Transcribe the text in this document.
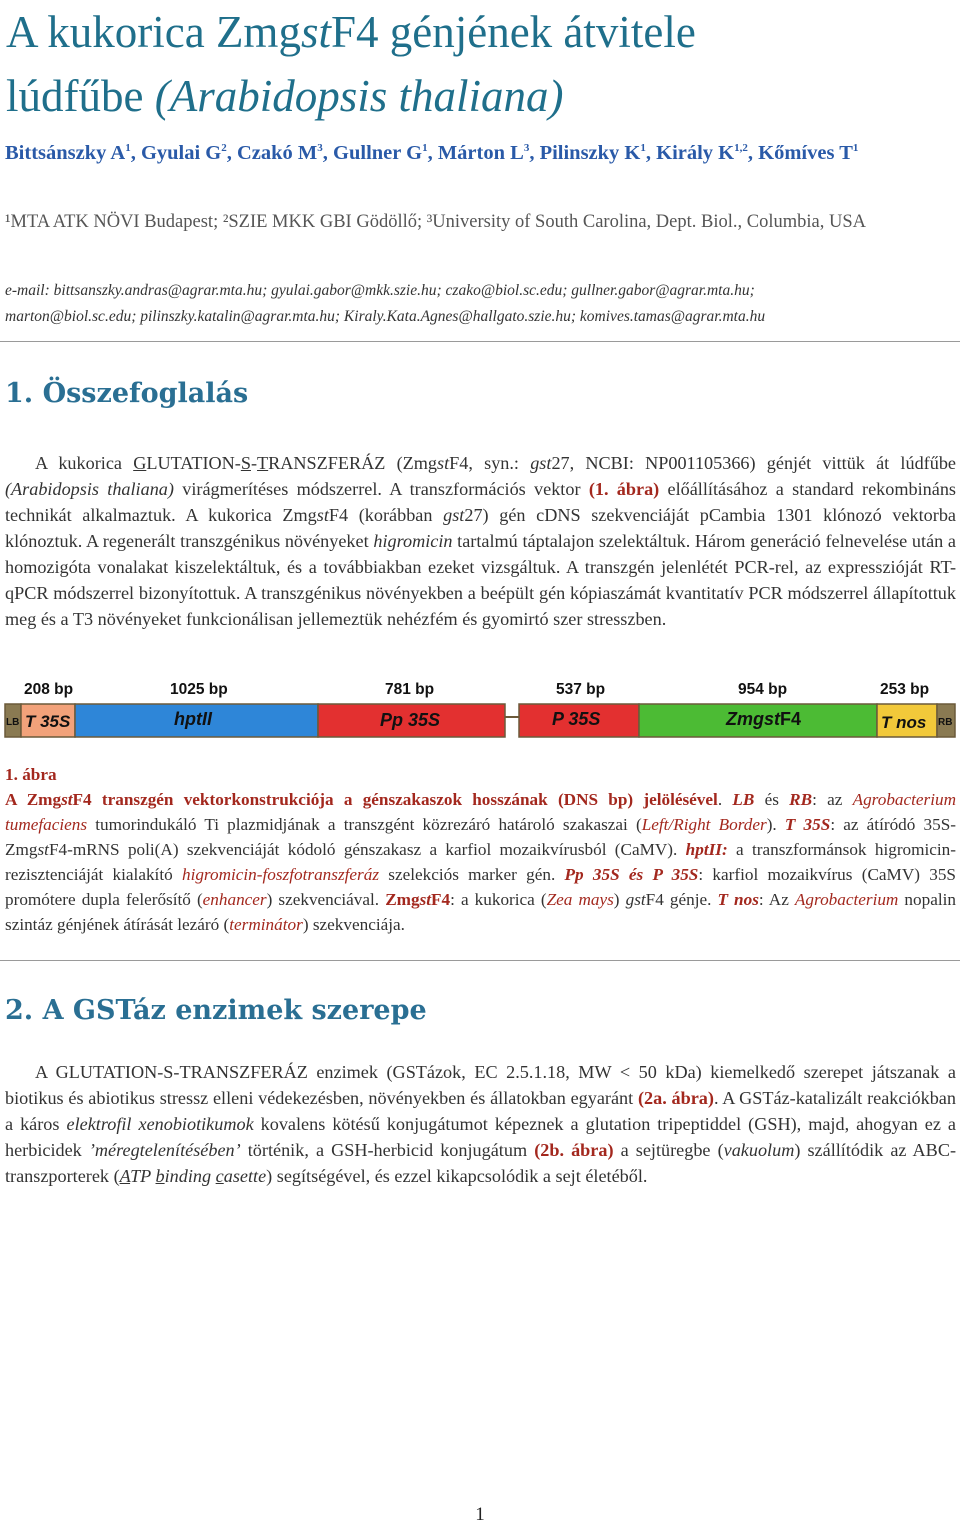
A kukorica ZmgstF4 génjének átvitele
lúdfűbe (Arabidopsis thaliana)
Bittsánszky $A^1$, Gyulai $G^2$, Czakó $M^3$, Gullner $G^1$, Márton $L^3$, Pilinszky $K^1$, Király K$^{1,2}$, Kőmíves $T^1$
¹MTA ATK NÖVI Budapest; ²SZIE MKK GBI Gödöllő; ³University of South Carolina, Dept. Biol., Columbia, USA
e-mail: bittsanszky.andras@agrar.mta.hu; gyulai.gabor@mkk.szie.hu; czako@biol.sc.edu; gullner.gabor@agrar.mta.hu;
marton@biol.sc.edu; pilinszky.katalin@agrar.mta.hu; Kiraly.Kata.Agnes@hallgato.szie.hu; komives.tamas@agrar.mta.hu
1. Összefoglalás

A kukorica GLUTATION-S-TRANSZFERÁZ (ZmgstF4, syn.: gst27, NCBI: NP001105366) génjét vittük át lúdfűbe (Arabidopsis thaliana) virágmerítéses módszerrel. A transzformációs vektor (1. ábra) előállításához a standard rekombináns technikát alkalmaztuk. A kukorica ZmgstF4 (korábban gst27) gén cDNS szekvenciáját pCambia 1301 klónozó vektorba klónoztuk. A regenerált transzgénikus növényeket higromicin tartalmú táptalajon szelektáltuk. Három generáció felnevelése után a homozigóta vonalakat kiszelektáltuk, és a továbbiakban ezeket vizsgáltuk. A transzgén jelenlétét PCR-rel, az expresszióját RT-qPCR módszerrel bizonyítottuk. A transzgénikus növényekben a beépült gén kópiaszámát kvantitatív PCR módszerrel állapítottuk meg és a T3 növényeket funkcionálisan jellemeztük nehézfém és gyomirtó szer stresszben.

208 bp	1025 bp	781 bp	537 bp	954 bp	253 bp
LB T 35S	hptII	Pp 35S	P 35S	ZmgstF4	T nos RB
1. ábra
A ZmgstF4 transzgén vektorkonstrukciója a génszakaszok hosszának (DNS bp) jelölésével. LB és RB: az Agrobacterium tumefaciens tumorindukáló Ti plazmidjának a transzgént közrezáró határoló szakaszai (Left/Right Border). T 35S: az átíródó 35S-ZmgstF4-mRNS poli(A) szekvenciáját kódoló génszakasz a karfiol mozaikvírusból (CaMV). hptII: a transzformánsok higromicin-rezisztenciáját kialakító higromicin-foszfotranszferáz szelekciós marker gén. Pp 35S és P 35S: karfiol mozaikvírus (CaMV) 35S promótere dupla felerősítő (enhancer) szekvenciával. ZmgstF4: a kukorica (Zea mays) gstF4 génje. T nos: Az Agrobacterium nopalin szintáz génjének átírását lezáró (terminátor) szekvenciája.
2. A GSTáz enzimek szerepe

A GLUTATION-S-TRANSZFERÁZ enzimek (GSTázok, EC 2.5.1.18, MW < 50 kDa) kiemelkedő szerepet játszanak a biotikus és abiotikus stressz elleni védekezésben, növényekben és állatokban egyaránt (2a. ábra). A GSTáz-katalizált reakciókban a káros elektrofil xenobiotikumok kovalens kötésű konjugátumot képeznek a glutation tripeptiddel (GSH), majd, ahogyan ez a herbicidek ’méregtelenítésében’ történik, a GSH-herbicid konjugátum (2b. ábra) a sejtüregbe (vakuolum) szállítódik az ABC-transzporterek (ATP binding casette) segítségével, és ezzel kikapcsolódik a sejt életéből.

1
